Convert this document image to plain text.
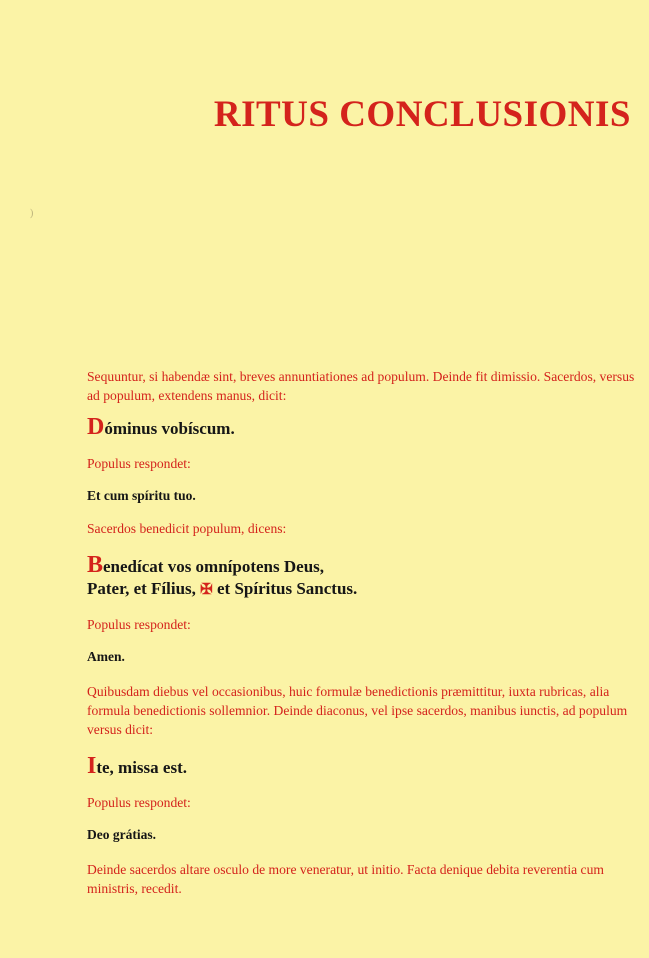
RITUS CONCLUSIONIS
)

Sequuntur, si habendæ sint, breves annuntiationes ad populum. Deinde fit dimissio. Sacerdos, versus ad populum, extendens manus, dicit:

Dóminus vobíscum.

Populus respondet:

Et cum spíritu tuo.

Sacerdos benedicit populum, dicens:

Benedícat vos omnípotens Deus,
Pater, et Fílius, ✠ et Spíritus Sanctus.

Populus respondet:

Amen.

Quibusdam diebus vel occasionibus, huic formulæ benedictionis præmittitur, iuxta rubricas, alia formula benedictionis sollemnior. Deinde diaconus, vel ipse sacerdos, manibus iunctis, ad populum versus dicit:

Ite, missa est.

Populus respondet:

Deo grátias.

Deinde sacerdos altare osculo de more veneratur, ut initio. Facta denique debita reverentia cum ministris, recedit.
